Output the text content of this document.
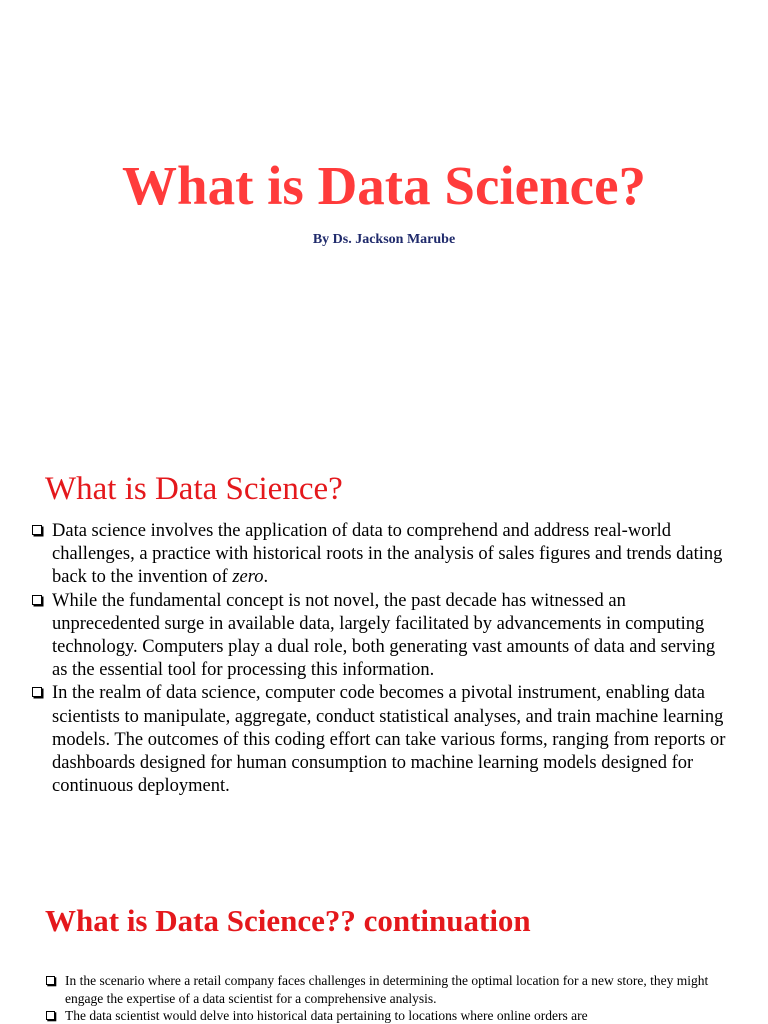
What is Data Science?

By Ds. Jackson Marube

What is Data Science?
Data science involves the application of data to comprehend and address real-world challenges, a practice with historical roots in the analysis of sales figures and trends dating back to the invention of zero.
While the fundamental concept is not novel, the past decade has witnessed an unprecedented surge in available data, largely facilitated by advancements in computing technology. Computers play a dual role, both generating vast amounts of data and serving as the essential tool for processing this information.
In the realm of data science, computer code becomes a pivotal instrument, enabling data scientists to manipulate, aggregate, conduct statistical analyses, and train machine learning models. The outcomes of this coding effort can take various forms, ranging from reports or dashboards designed for human consumption to machine learning models designed for continuous deployment.
What is Data Science?? continuation
In the scenario where a retail company faces challenges in determining the optimal location for a new store, they might engage the expertise of a data scientist for a comprehensive analysis.
The data scientist would delve into historical data pertaining to locations where online orders are
